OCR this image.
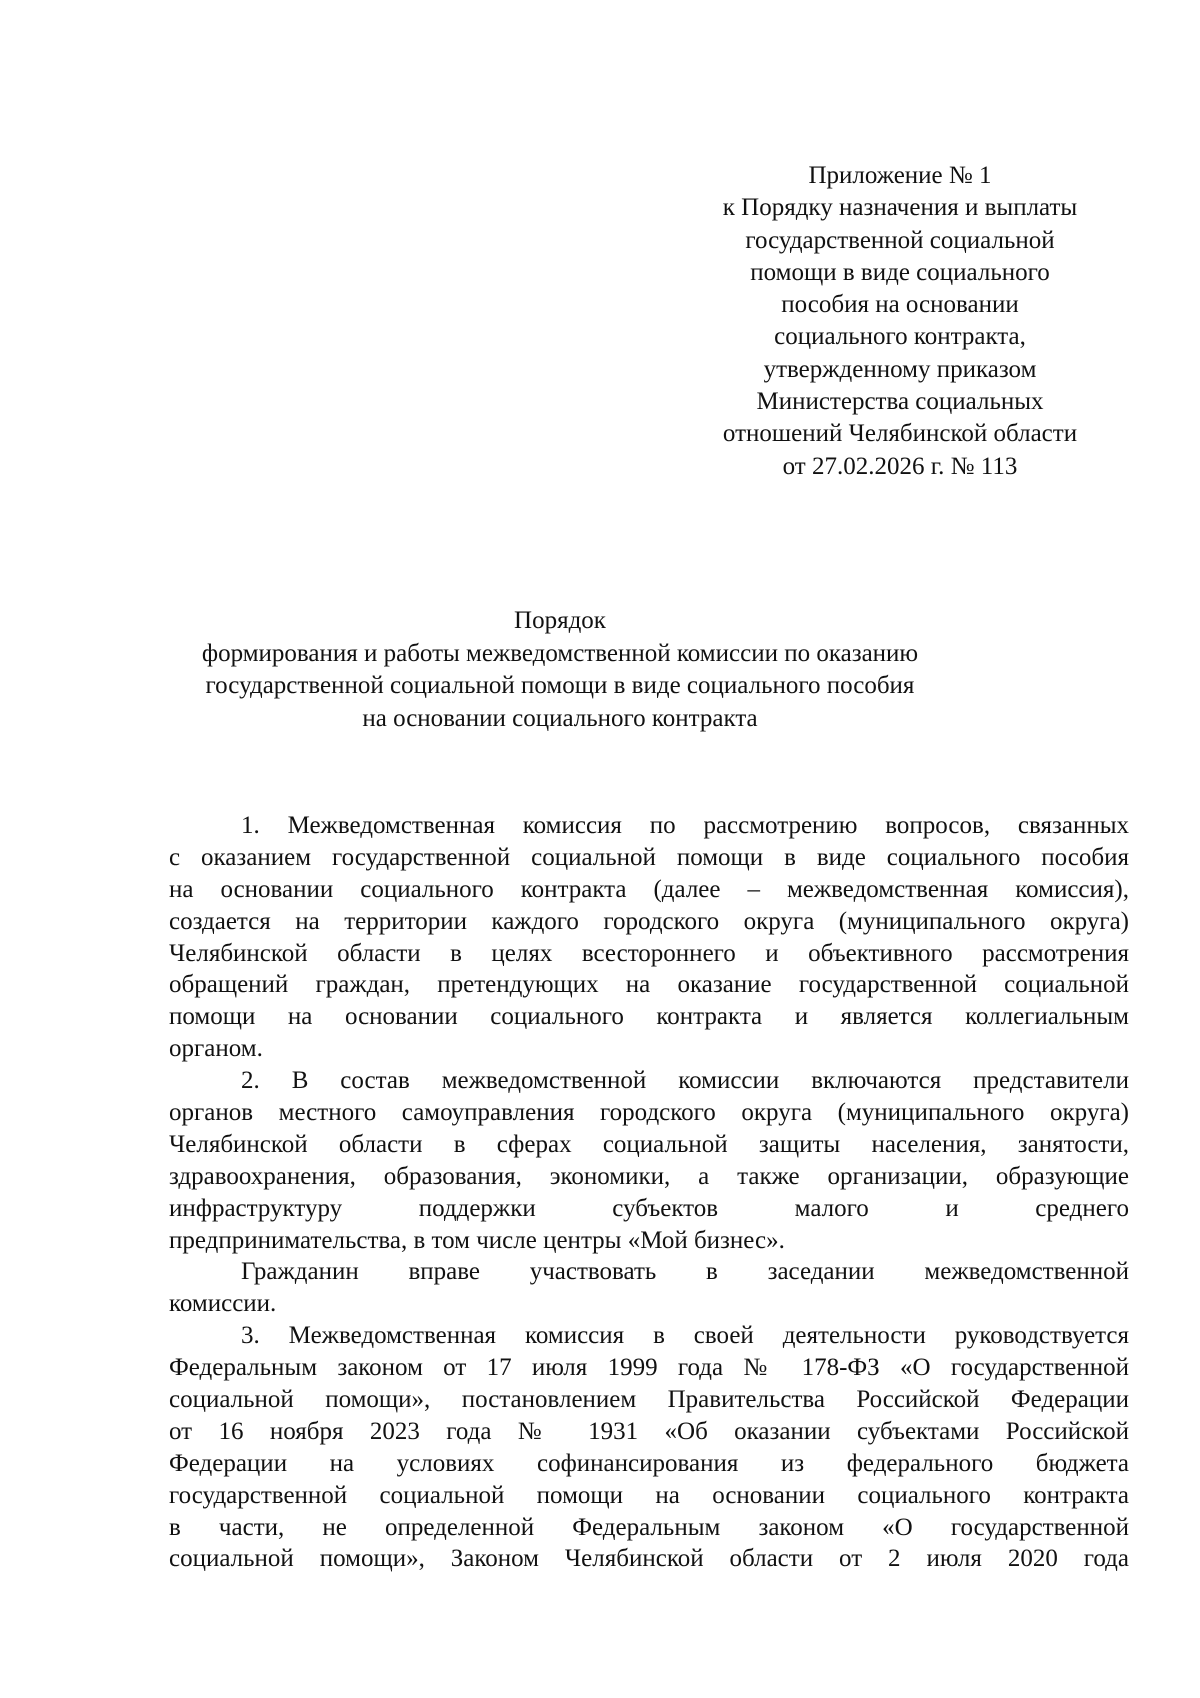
Приложение № 1
к Порядку назначения и выплаты
государственной социальной
помощи в виде социального
пособия на основании
социального контракта,
утвержденному приказом
Министерства социальных
отношений Челябинской области
от 27.02.2026 г. № 113
Порядок
формирования и работы межведомственной комиссии по оказанию
государственной социальной помощи в виде социального пособия
на основании социального контракта
1. Межведомственная комиссия по рассмотрению вопросов, связанных
с оказанием государственной социальной помощи в виде социального пособия
на основании социального контракта (далее – межведомственная комиссия),
создается на территории каждого городского округа (муниципального округа)
Челябинской области в целях всестороннего и объективного рассмотрения
обращений граждан, претендующих на оказание государственной социальной
помощи на основании социального контракта и является коллегиальным
органом.
2. В состав межведомственной комиссии включаются представители
органов местного самоуправления городского округа (муниципального округа)
Челябинской области в сферах социальной защиты населения, занятости,
здравоохранения, образования, экономики, а также организации, образующие
инфраструктуру поддержки субъектов малого и среднего
предпринимательства, в том числе центры «Мой бизнес».
Гражданин вправе участвовать в заседании межведомственной
комиссии.
3. Межведомственная комиссия в своей деятельности руководствуется
Федеральным законом от 17 июля 1999 года № 178-ФЗ «О государственной
социальной помощи», постановлением Правительства Российской Федерации
от 16 ноября 2023 года № 1931 «Об оказании субъектами Российской
Федерации на условиях софинансирования из федерального бюджета
государственной социальной помощи на основании социального контракта
в части, не определенной Федеральным законом «О государственной
социальной помощи», Законом Челябинской области от 2 июля 2020 года
